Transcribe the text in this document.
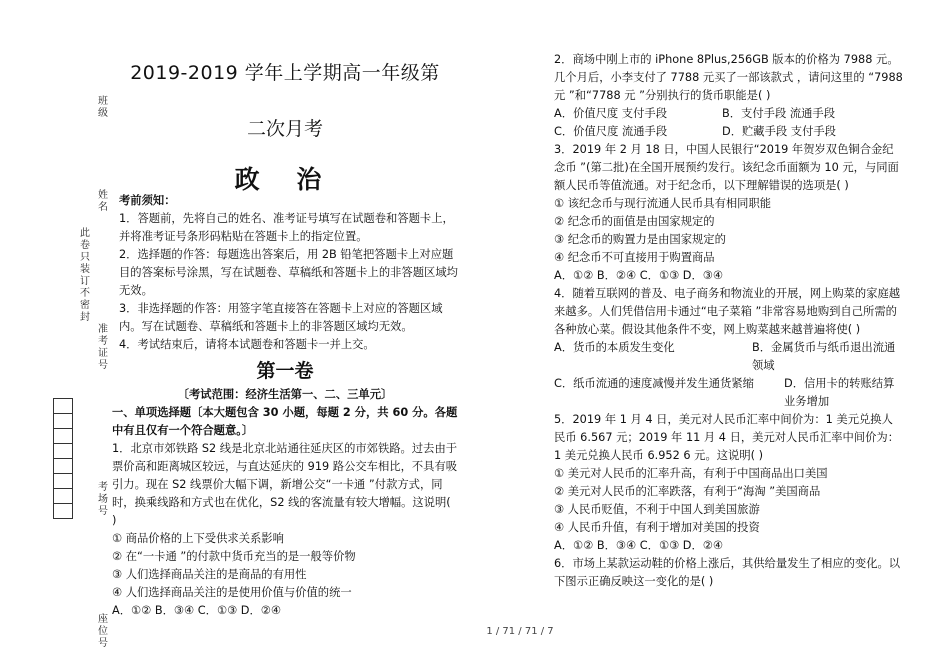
班级
姓名
此卷只装订不密封
准考证号
考场号
座位号
2019-2019 学年上学期高一年级第
二次月考
政 治

考前须知：

1．答题前，先将自己的姓名、准考证号填写在试题卷和答题卡上，并将准考证号条形码粘贴在答题卡上的指定位置。

2．选择题的作答：每题选出答案后，用 2B 铅笔把答题卡上对应题目的答案标号涂黑，写在试题卷、草稿纸和答题卡上的非答题区域均无效。

3．非选择题的作答：用签字笔直接答在答题卡上对应的答题区域内。写在试题卷、草稿纸和答题卡上的非答题区域均无效。

4．考试结束后，请将本试题卷和答题卡一并上交。

第一卷
〔考试范围：经济生活第一、二、三单元〕

一、单项选择题〔本大题包含 30 小题，每题 2 分，共 60 分。各题中有且仅有一个符合题意。〕

1．北京市郊铁路 S2 线是北京北站通往延庆区的市郊铁路。过去由于票价高和距离城区较远，与直达延庆的 919 路公交车相比，不具有吸引力。现在 S2 线票价大幅下调，新增公交“一卡通 ”付款方式，同时，换乘线路和方式也在优化，S2 线的客流量有较大增幅。这说明( )

① 商品价格的上下受供求关系影响

② 在“一卡通 ”的付款中货币充当的是一般等价物

③ 人们选择商品关注的是商品的有用性

④ 人们选择商品关注的是使用价值与价值的统一

A．①② B．③④ C．①③ D．②④

2．商场中刚上市的 iPhone 8Plus,256GB 版本的价格为 7988 元。几个月后，小李支付了 7788 元买了一部该款式 ，请问这里的 “7988 元 ”和“7788 元 ”分别执行的货币职能是( )

A．价值尺度 支付手段	B．支付手段 流通手段
C．价值尺度 流通手段	D．贮藏手段 支付手段

3．2019 年 2 月 18 日，中国人民银行“2019 年贺岁双色铜合金纪念币 ”(第二批)在全国开展预约发行。该纪念币面额为 10 元，与同面额人民币等值流通。对于纪念币，以下理解错误的选项是( )

① 该纪念币与现行流通人民币具有相同职能

② 纪念币的面值是由国家规定的

③ 纪念币的购置力是由国家规定的

④ 纪念币不可直接用于购置商品

A．①② B．②④ C．①③ D．③④

4．随着互联网的普及、电子商务和物流业的开展，网上购菜的家庭越来越多。人们凭借信用卡通过“电子菜箱 ”非常容易地购到自己所需的各种放心菜。假设其他条件不变，网上购菜越来越普遍将使( )

A．货币的本质发生变化	B．金属货币与纸币退出流通领域
C．纸币流通的速度减慢并发生通货紧缩	D．信用卡的转账结算业务增加

5．2019 年 1 月 4 日，美元对人民币汇率中间价为：1 美元兑换人民币 6.567 元；2019 年 11 月 4 日，美元对人民币汇率中间价为：1 美元兑换人民币 6.952 6 元。这说明( )

① 美元对人民币的汇率升高，有利于中国商品出口美国

② 美元对人民币的汇率跌落，有利于“海淘 ”美国商品

③ 人民币贬值，不利于中国人到美国旅游

④ 人民币升值，有利于增加对美国的投资

A．①② B．③④ C．①③ D．②④

6．市场上某款运动鞋的价格上涨后，其供给量发生了相应的变化。以下图示正确反映这一变化的是( )

1 / 71 / 71 / 7
